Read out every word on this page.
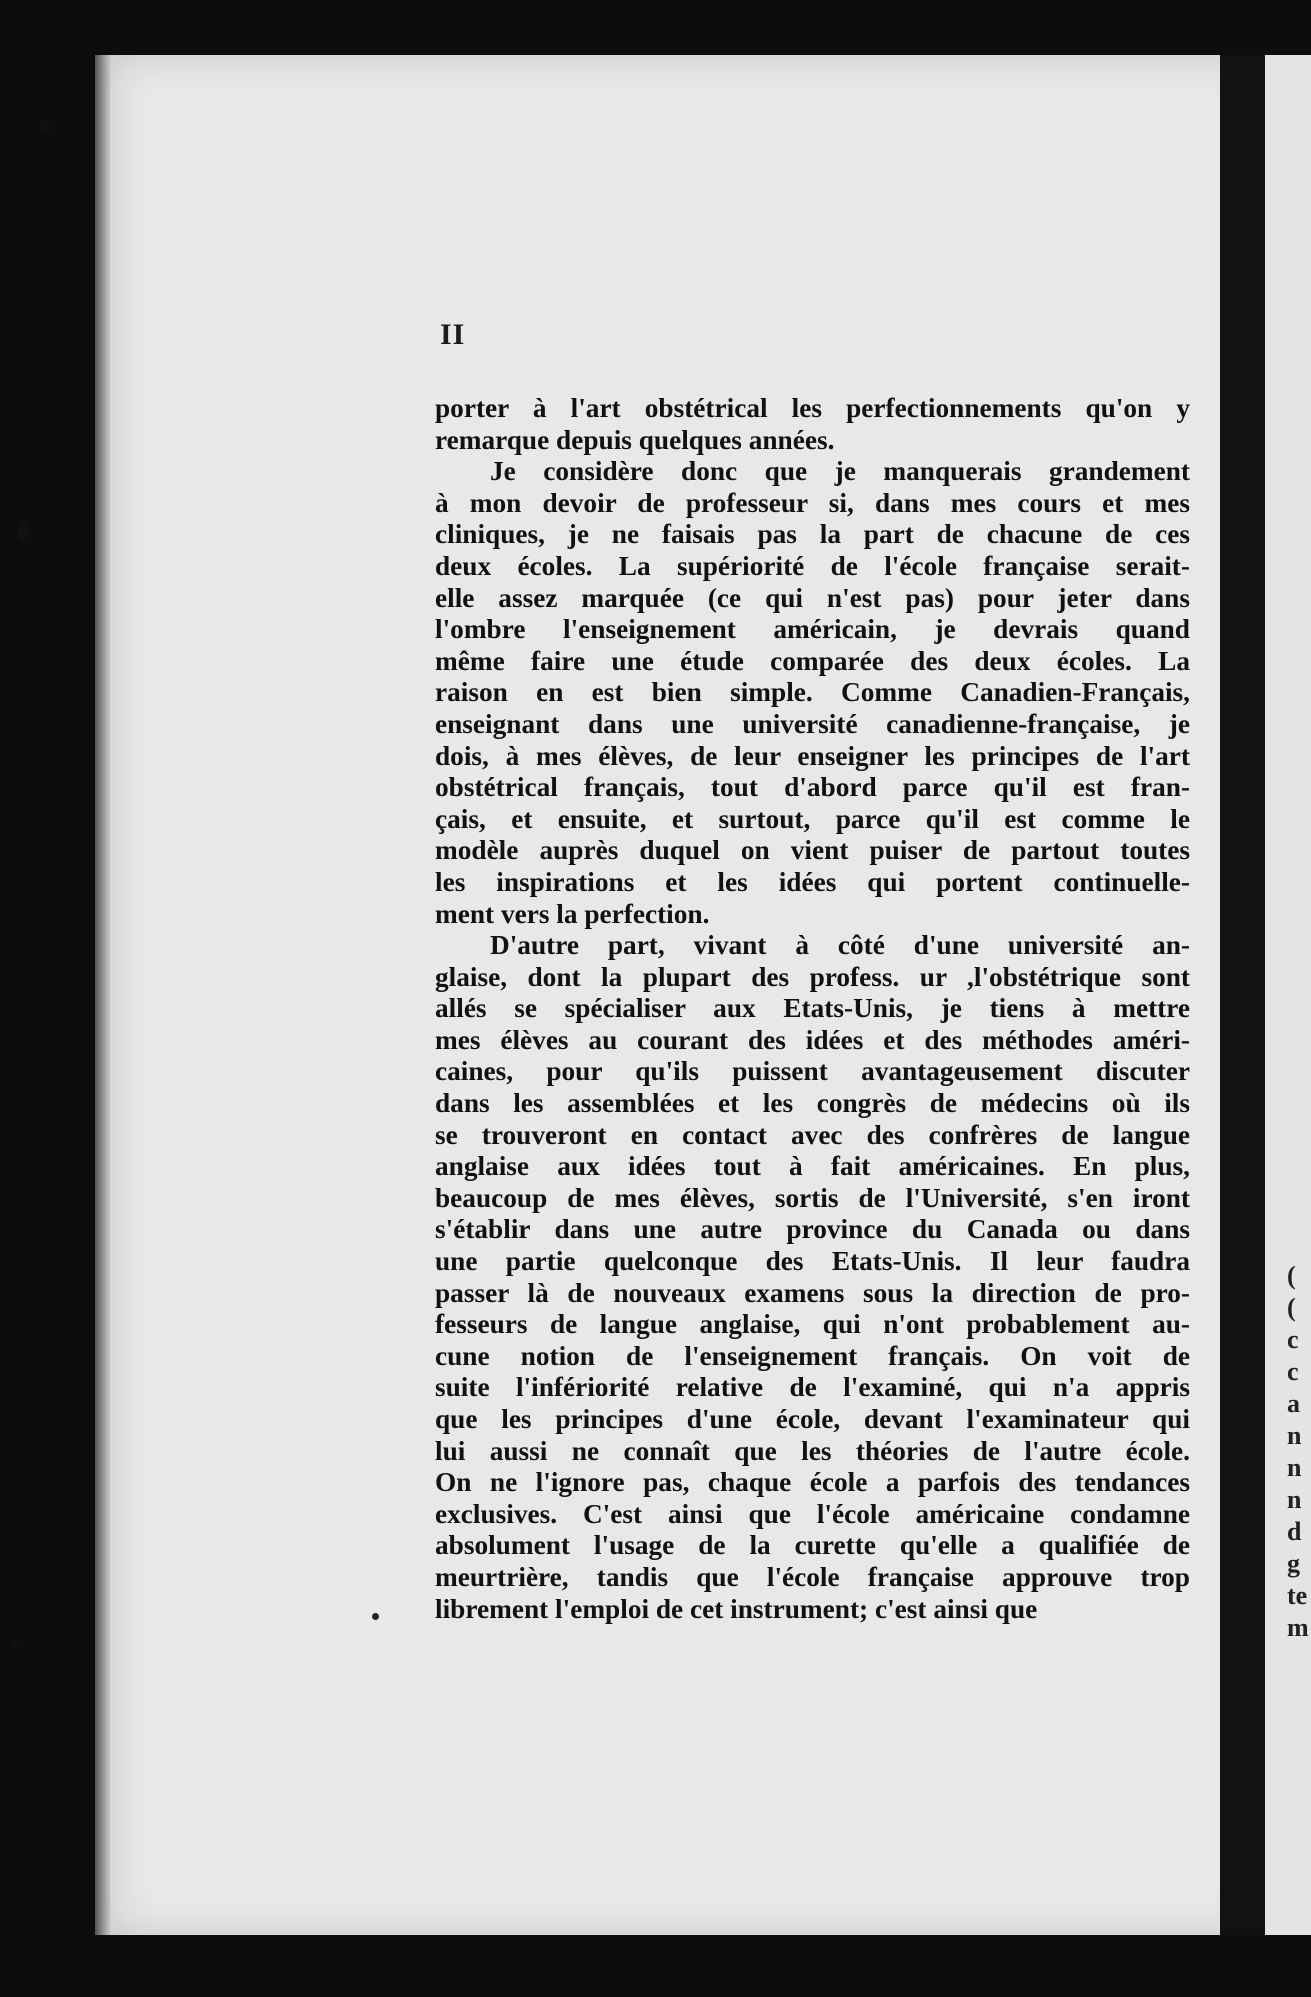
(
(
c
c
a
n
n
n
d
g
te
m
II
porter à l'art obstétrical les perfectionnements qu'on y
remarque depuis quelques années.
Je considère donc que je manquerais grandement
à mon devoir de professeur si, dans mes cours et mes
cliniques, je ne faisais pas la part de chacune de ces
deux écoles. La supériorité de l'école française serait-
elle assez marquée (ce qui n'est pas) pour jeter dans
l'ombre l'enseignement américain, je devrais quand
même faire une étude comparée des deux écoles. La
raison en est bien simple. Comme Canadien-Français,
enseignant dans une université canadienne-française, je
dois, à mes élèves, de leur enseigner les principes de l'art
obstétrical français, tout d'abord parce qu'il est fran-
çais, et ensuite, et surtout, parce qu'il est comme le
modèle auprès duquel on vient puiser de partout toutes
les inspirations et les idées qui portent continuelle-
ment vers la perfection.
D'autre part, vivant à côté d'une université an-
glaise, dont la plupart des profess. ur ,l'obstétrique sont
allés se spécialiser aux Etats-Unis, je tiens à mettre
mes élèves au courant des idées et des méthodes améri-
caines, pour qu'ils puissent avantageusement discuter
dans les assemblées et les congrès de médecins où ils
se trouveront en contact avec des confrères de langue
anglaise aux idées tout à fait américaines. En plus,
beaucoup de mes élèves, sortis de l'Université, s'en iront
s'établir dans une autre province du Canada ou dans
une partie quelconque des Etats-Unis. Il leur faudra
passer là de nouveaux examens sous la direction de pro-
fesseurs de langue anglaise, qui n'ont probablement au-
cune notion de l'enseignement français. On voit de
suite l'infériorité relative de l'examiné, qui n'a appris
que les principes d'une école, devant l'examinateur qui
lui aussi ne connaît que les théories de l'autre école.
On ne l'ignore pas, chaque école a parfois des tendances
exclusives. C'est ainsi que l'école américaine condamne
absolument l'usage de la curette qu'elle a qualifiée de
meurtrière, tandis que l'école française approuve trop
librement l'emploi de cet instrument; c'est ainsi que
